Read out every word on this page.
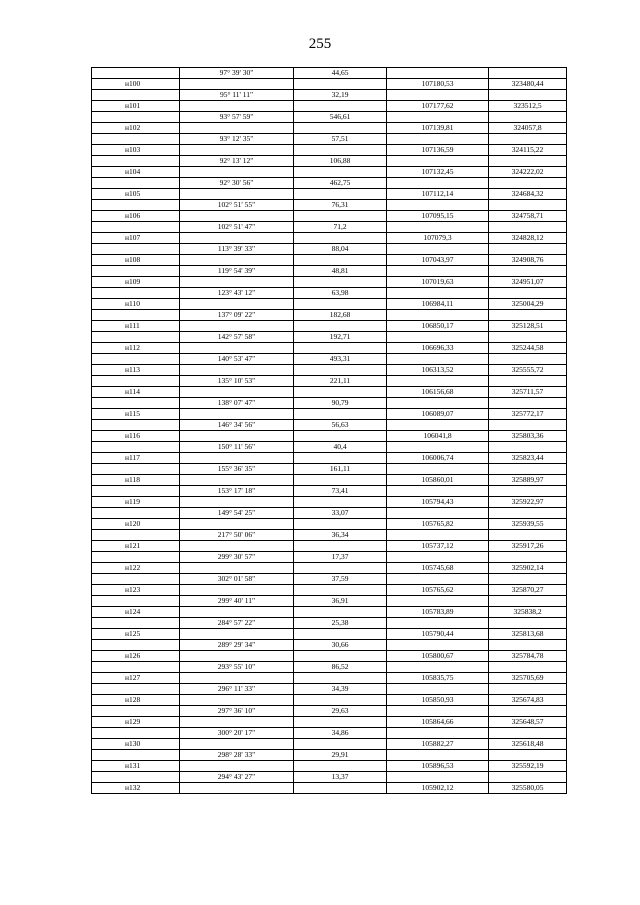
255
	97° 39' 30"	44,65		
н100			107180,53	323480,44
	95° 11' 11"	32,19		
н101			107177,62	323512,5
	93° 57' 59"	546,61		
н102			107139,81	324057,8
	93° 12' 35"	57,51		
н103			107136,59	324115,22
	92° 13' 12"	106,88		
н104			107132,45	324222,02
	92° 30' 56"	462,75		
н105			107112,14	324684,32
	102° 51' 55"	76,31		
н106			107095,15	324758,71
	102° 51' 47"	71,2		
н107			107079,3	324828,12
	113° 39' 33"	88,04		
н108			107043,97	324908,76
	119° 54' 39"	48,81		
н109			107019,63	324951,07
	123° 43' 12"	63,98		
н110			106984,11	325004,29
	137° 09' 22"	182,68		
н111			106850,17	325128,51
	142° 57' 58"	192,71		
н112			106696,33	325244,58
	140° 53' 47"	493,31		
н113			106313,52	325555,72
	135° 10' 53"	221,11		
н114			106156,68	325711,57
	138° 07' 47"	90,79		
н115			106089,07	325772,17
	146° 34' 56"	56,63		
н116			106041,8	325803,36
	150° 11' 56"	40,4		
н117			106006,74	325823,44
	155° 36' 35"	161,11		
н118			105860,01	325889,97
	153° 17' 18"	73,41		
н119			105794,43	325922,97
	149° 54' 25"	33,07		
н120			105765,82	325939,55
	217° 50' 06"	36,34		
н121			105737,12	325917,26
	299° 30' 57"	17,37		
н122			105745,68	325902,14
	302° 01' 58"	37,59		
н123			105765,62	325870,27
	299° 40' 11"	36,91		
н124			105783,89	325838,2
	284° 57' 22"	25,38		
н125			105790,44	325813,68
	289° 29' 34"	30,66		
н126			105800,67	325784,78
	293° 55' 10"	86,52		
н127			105835,75	325705,69
	296° 11' 33"	34,39		
н128			105850,93	325674,83
	297° 36' 10"	29,63		
н129			105864,66	325648,57
	300° 20' 17"	34,86		
н130			105882,27	325618,48
	298° 28' 33"	29,91		
н131			105896,53	325592,19
	294° 43' 27"	13,37		
н132			105902,12	325580,05
